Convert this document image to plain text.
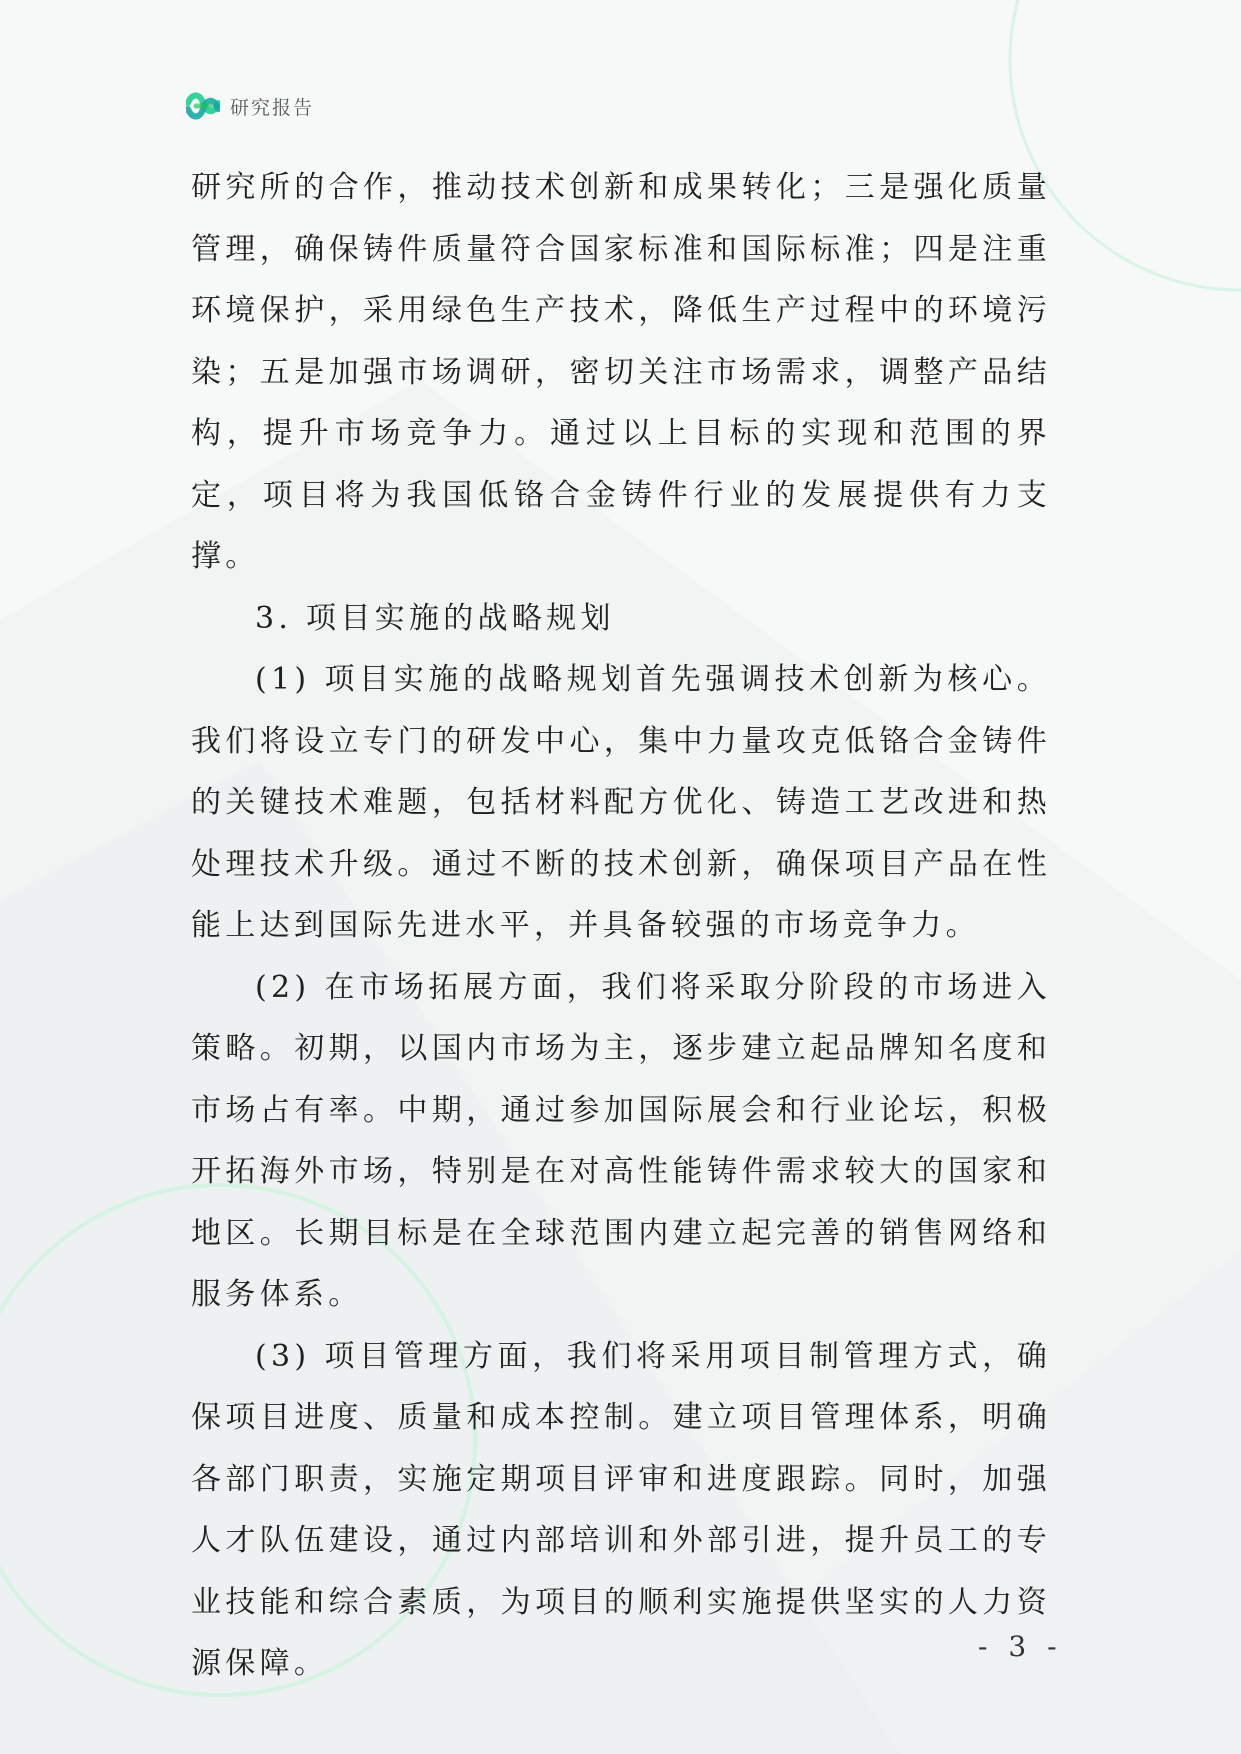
研究报告

研究所的合作，推动技术创新和成果转化；三是强化质量管理，确保铸件质量符合国家标准和国际标准；四是注重环境保护，采用绿色生产技术，降低生产过程中的环境污染；五是加强市场调研，密切关注市场需求，调整产品结构，提升市场竞争力。通过以上目标的实现和范围的界定，项目将为我国低铬合金铸件行业的发展提供有力支撑。

3. 项目实施的战略规划

(1) 项目实施的战略规划首先强调技术创新为核心。我们将设立专门的研发中心，集中力量攻克低铬合金铸件的关键技术难题，包括材料配方优化、铸造工艺改进和热处理技术升级。通过不断的技术创新，确保项目产品在性能上达到国际先进水平，并具备较强的市场竞争力。

(2) 在市场拓展方面，我们将采取分阶段的市场进入策略。初期，以国内市场为主，逐步建立起品牌知名度和市场占有率。中期，通过参加国际展会和行业论坛，积极开拓海外市场，特别是在对高性能铸件需求较大的国家和地区。长期目标是在全球范围内建立起完善的销售网络和服务体系。

(3) 项目管理方面，我们将采用项目制管理方式，确保项目进度、质量和成本控制。建立项目管理体系，明确各部门职责，实施定期项目评审和进度跟踪。同时，加强人才队伍建设，通过内部培训和外部引进，提升员工的专业技能和综合素质，为项目的顺利实施提供坚实的人力资源保障。	- 3 -
